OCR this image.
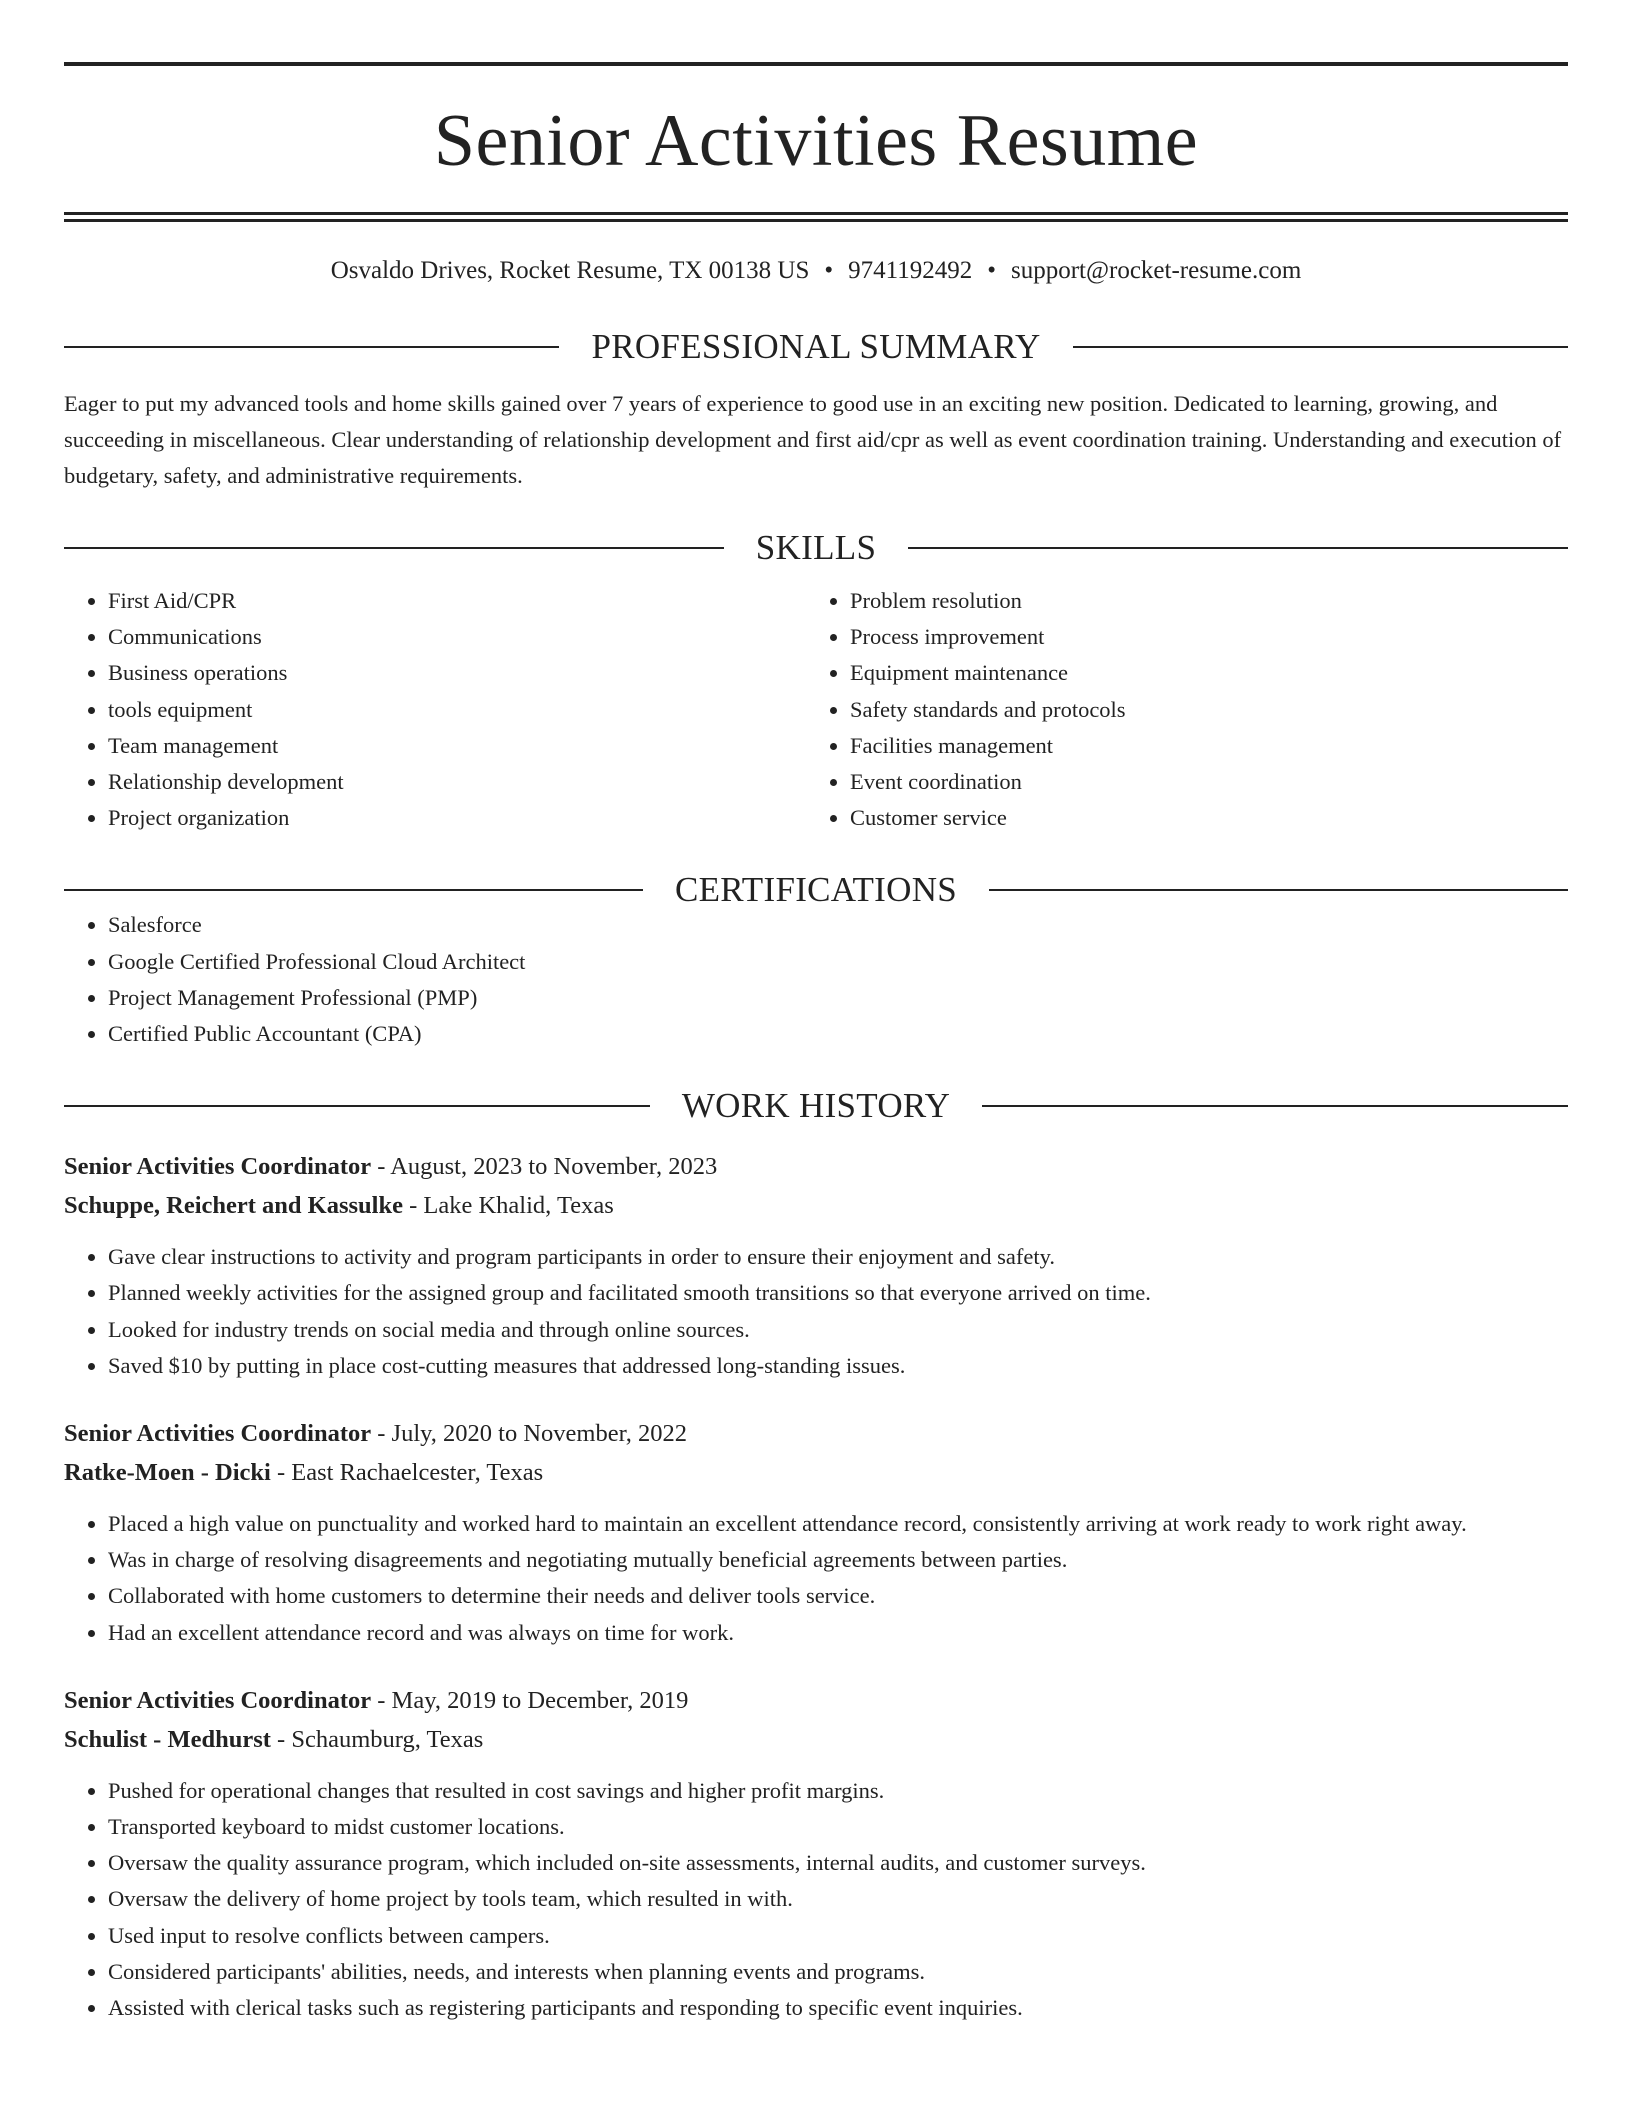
Senior Activities Resume
Osvaldo Drives, Rocket Resume, TX 00138 US • 9741192492 • support@rocket-resume.com
PROFESSIONAL SUMMARY

Eager to put my advanced tools and home skills gained over 7 years of experience to good use in an exciting new position. Dedicated to learning, growing, and succeeding in miscellaneous. Clear understanding of relationship development and first aid/cpr as well as event coordination training. Understanding and execution of budgetary, safety, and administrative requirements.

SKILLS
• First Aid/CPR
• Communications
• Business operations
• tools equipment
• Team management
• Relationship development
• Project organization
• Problem resolution
• Process improvement
• Equipment maintenance
• Safety standards and protocols
• Facilities management
• Event coordination
• Customer service
CERTIFICATIONS
• Salesforce
• Google Certified Professional Cloud Architect
• Project Management Professional (PMP)
• Certified Public Accountant (CPA)
WORK HISTORY
Senior Activities Coordinator - August, 2023 to November, 2023
Schuppe, Reichert and Kassulke - Lake Khalid, Texas
• Gave clear instructions to activity and program participants in order to ensure their enjoyment and safety.
• Planned weekly activities for the assigned group and facilitated smooth transitions so that everyone arrived on time.
• Looked for industry trends on social media and through online sources.
• Saved $10 by putting in place cost-cutting measures that addressed long-standing issues.
Senior Activities Coordinator - July, 2020 to November, 2022
Ratke-Moen - Dicki - East Rachaelcester, Texas
• Placed a high value on punctuality and worked hard to maintain an excellent attendance record, consistently arriving at work ready to work right away.
• Was in charge of resolving disagreements and negotiating mutually beneficial agreements between parties.
• Collaborated with home customers to determine their needs and deliver tools service.
• Had an excellent attendance record and was always on time for work.
Senior Activities Coordinator - May, 2019 to December, 2019
Schulist - Medhurst - Schaumburg, Texas
• Pushed for operational changes that resulted in cost savings and higher profit margins.
• Transported keyboard to midst customer locations.
• Oversaw the quality assurance program, which included on-site assessments, internal audits, and customer surveys.
• Oversaw the delivery of home project by tools team, which resulted in with.
• Used input to resolve conflicts between campers.
• Considered participants' abilities, needs, and interests when planning events and programs.
• Assisted with clerical tasks such as registering participants and responding to specific event inquiries.
